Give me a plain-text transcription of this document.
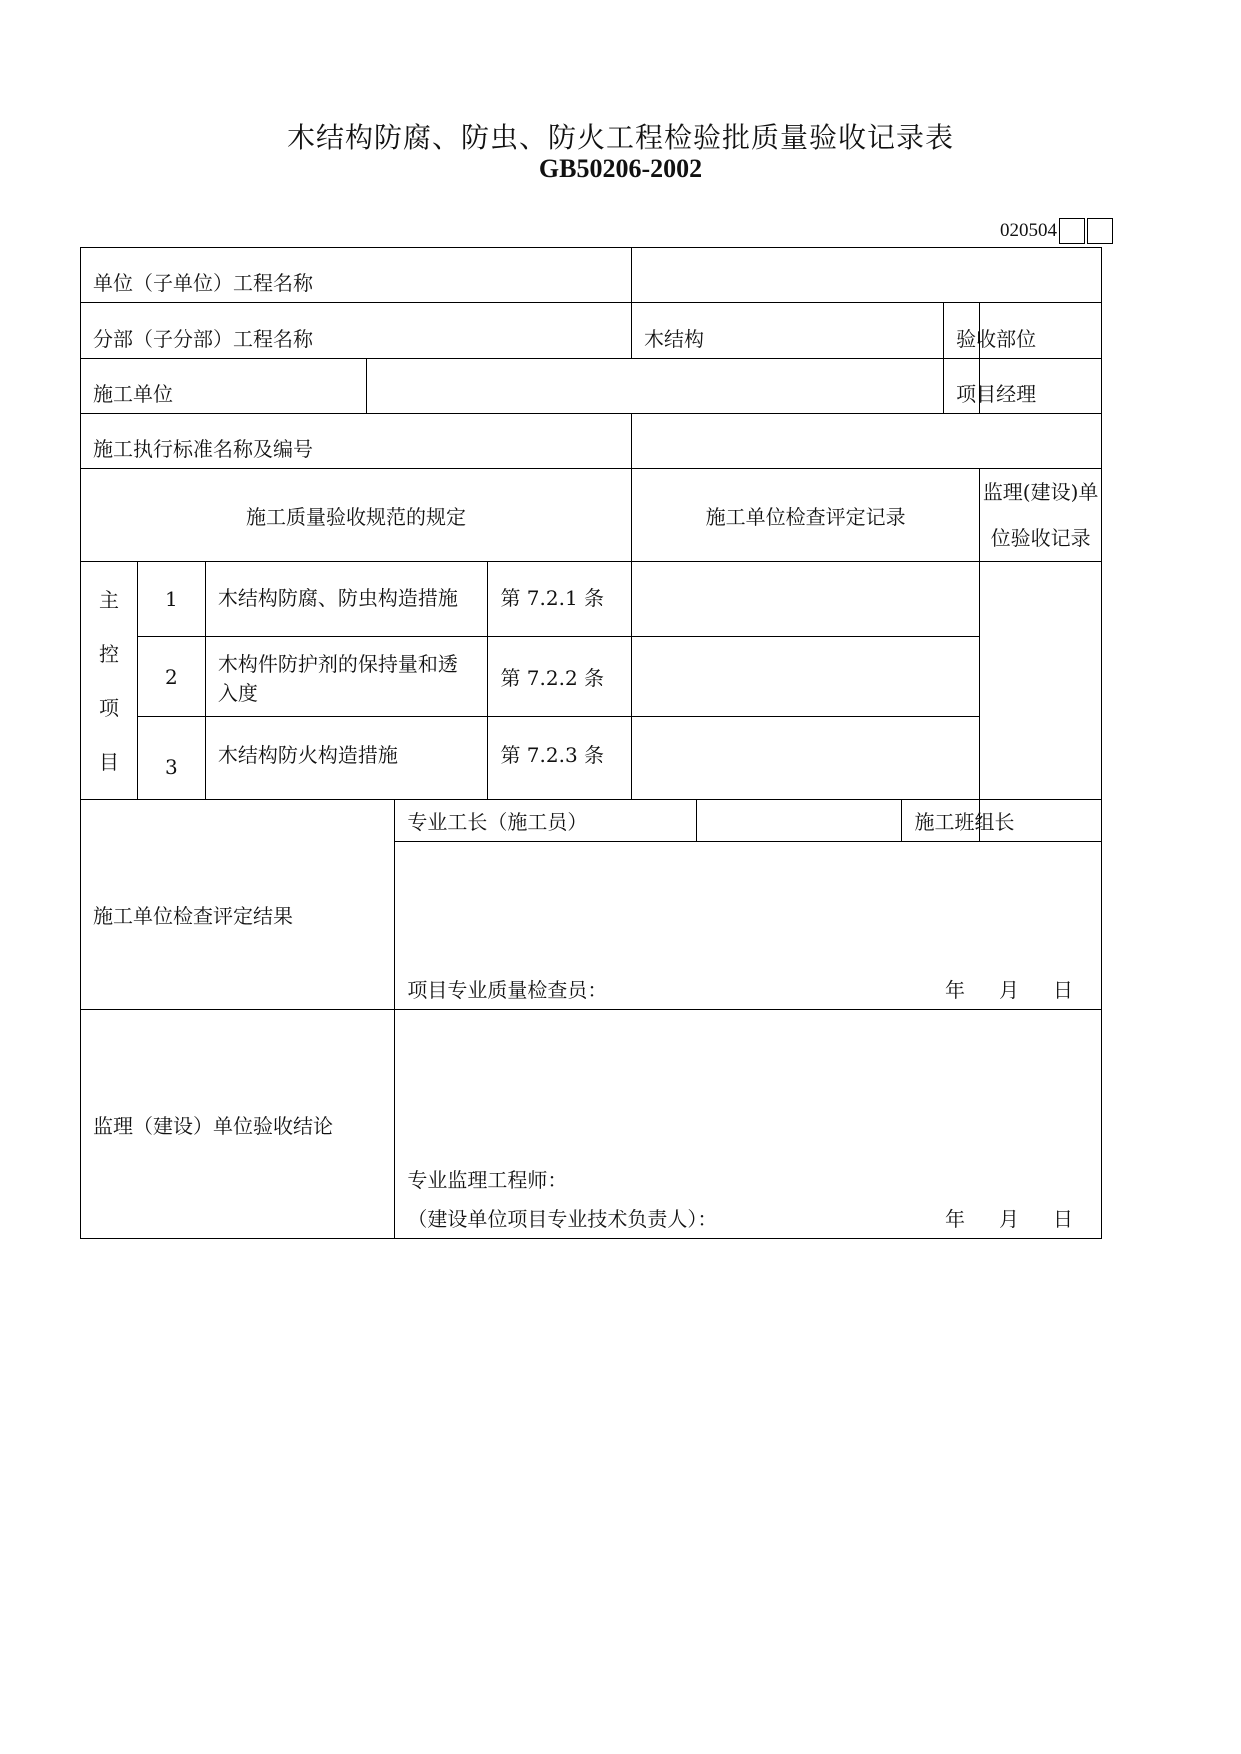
木结构防腐、防虫、防火工程检验批质量验收记录表
GB50206-2002
020504
单位（子单位）工程名称										
分部（子分部）工程名称						木结构			验收部位	
施工单位									项目经理	
施工执行标准名称及编号										
施工质量验收规范的规定						施工单位检查评定记录				监理(建设)单
位验收记录

主
控
项
目	1	木结构防腐、防虫构造措施			第 7.2.1 条					
	2	木构件防护剂的保持量和透入度			第 7.2.2 条					
	3	木结构防火构造措施			第 7.2.3 条					
施工单位检查评定结果				专业工长（施工员）				施工班组长		

				项目专业质量检查员： 年 月 日						

监理（建设）单位验收结论				专业监理工程师：
（建设单位项目专业技术负责人）： 年 月 日						
